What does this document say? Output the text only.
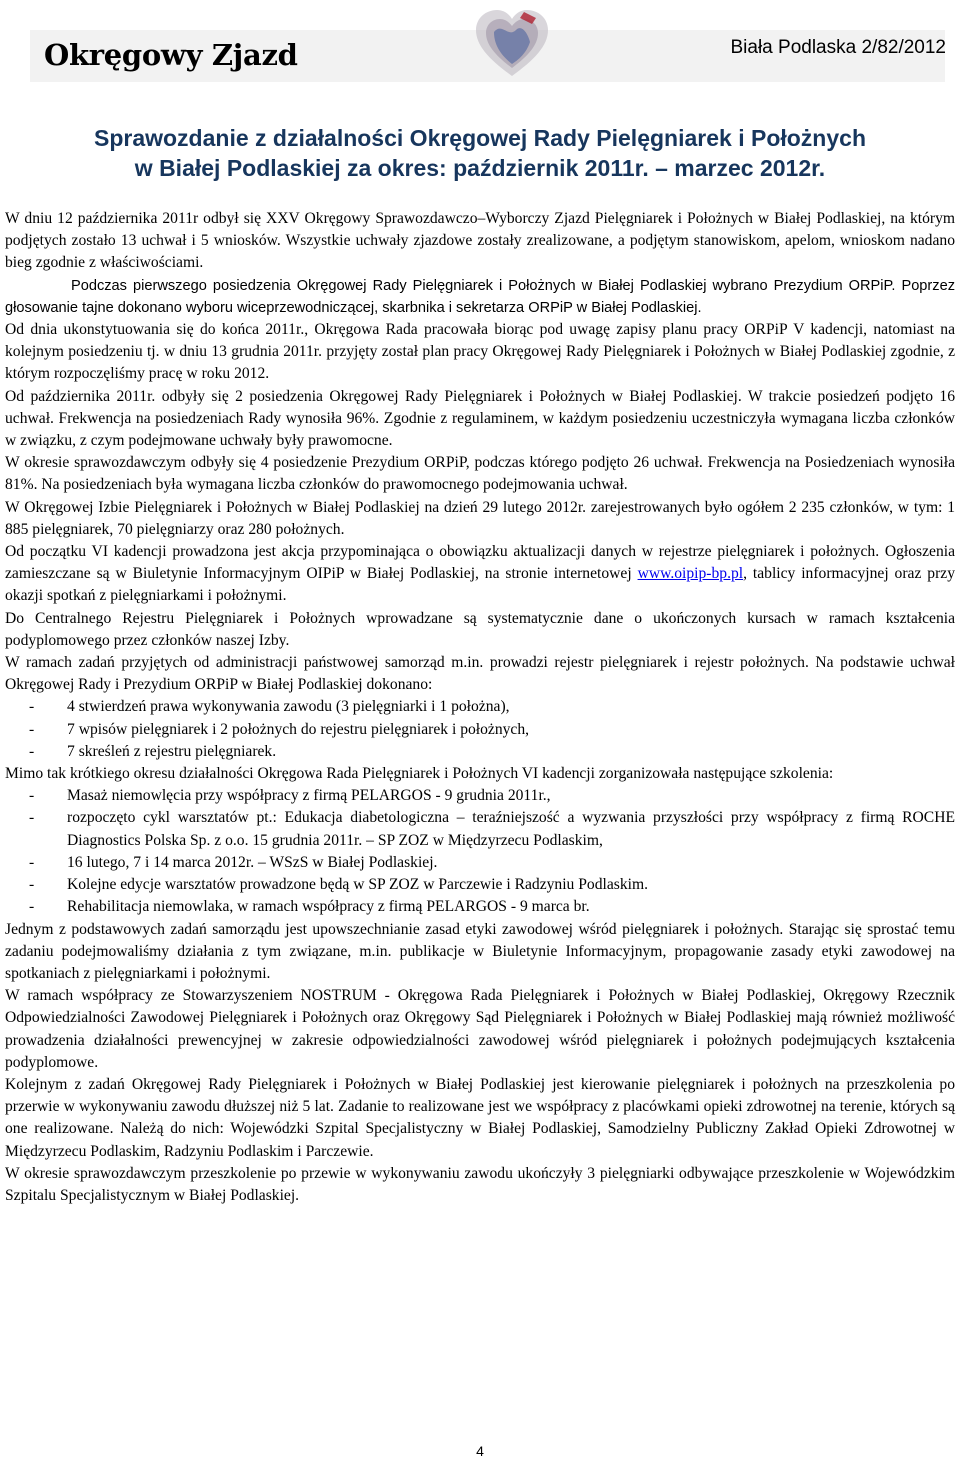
Okręgowy Zjazd	Biała Podlaska 2/82/2012
Sprawozdanie z działalności Okręgowej Rady Pielęgniarek i Położnych
w Białej Podlaskiej za okres: październik 2011r. – marzec 2012r.

W dniu 12 października 2011r odbył się XXV Okręgowy Sprawozdawczo–Wyborczy Zjazd Pielęgniarek i Położnych w Białej Podlaskiej, na którym podjętych zostało 13 uchwał i 5 wniosków. Wszystkie uchwały zjazdowe zostały zrealizowane, a podjętym stanowiskom, apelom, wnioskom nadano bieg zgodnie z właściwościami.

Podczas pierwszego posiedzenia Okręgowej Rady Pielęgniarek i Położnych w Białej Podlaskiej wybrano Prezydium ORPiP. Poprzez głosowanie tajne dokonano wyboru wiceprzewodniczącej, skarbnika i sekretarza ORPiP w Białej Podlaskiej.

Od dnia ukonstytuowania się do końca 2011r., Okręgowa Rada pracowała biorąc pod uwagę zapisy planu pracy ORPiP V kadencji, natomiast na kolejnym posiedzeniu tj. w dniu 13 grudnia 2011r. przyjęty został plan pracy Okręgowej Rady Pielęgniarek i Położnych w Białej Podlaskiej zgodnie, z którym rozpoczęliśmy pracę w roku 2012.

Od października 2011r. odbyły się 2 posiedzenia Okręgowej Rady Pielęgniarek i Położnych w Białej Podlaskiej. W trakcie posiedzeń podjęto 16 uchwał. Frekwencja na posiedzeniach Rady wynosiła 96%. Zgodnie z regulaminem, w każdym posiedzeniu uczestniczyła wymagana liczba członków w związku, z czym podejmowane uchwały były prawomocne.

W okresie sprawozdawczym odbyły się 4 posiedzenie Prezydium ORPiP, podczas którego podjęto 26 uchwał. Frekwencja na Posiedzeniach wynosiła 81%. Na posiedzeniach była wymagana liczba członków do prawomocnego podejmowania uchwał.

W Okręgowej Izbie Pielęgniarek i Położnych w Białej Podlaskiej na dzień 29 lutego 2012r. zarejestrowanych było ogółem 2 235 członków, w tym: 1 885 pielęgniarek, 70 pielęgniarzy oraz 280 położnych.

Od początku VI kadencji prowadzona jest akcja przypominająca o obowiązku aktualizacji danych w rejestrze pielęgniarek i położnych. Ogłoszenia zamieszczane są w Biuletynie Informacyjnym OIPiP w Białej Podlaskiej, na stronie internetowej www.oipip-bp.pl, tablicy informacyjnej oraz przy okazji spotkań z pielęgniarkami i położnymi.

Do Centralnego Rejestru Pielęgniarek i Położnych wprowadzane są systematycznie dane o ukończonych kursach w ramach kształcenia podyplomowego przez członków naszej Izby.

W ramach zadań przyjętych od administracji państwowej samorząd m.in. prowadzi rejestr pielęgniarek i rejestr położnych. Na podstawie uchwał Okręgowej Rady i Prezydium ORPiP w Białej Podlaskiej dokonano:

- 4 stwierdzeń prawa wykonywania zawodu (3 pielęgniarki i 1 położna),
- 7 wpisów pielęgniarek i 2 położnych do rejestru pielęgniarek i położnych,
- 7 skreśleń z rejestru pielęgniarek.

Mimo tak krótkiego okresu działalności Okręgowa Rada Pielęgniarek i Położnych VI kadencji zorganizowała następujące szkolenia:

- Masaż niemowlęcia przy współpracy z firmą PELARGOS - 9 grudnia 2011r.,
- rozpoczęto cykl warsztatów pt.: Edukacja diabetologiczna – teraźniejszość a wyzwania przyszłości przy współpracy z firmą ROCHE Diagnostics Polska Sp. z o.o. 15 grudnia 2011r. – SP ZOZ w Międzyrzecu Podlaskim,
- 16 lutego, 7 i 14 marca 2012r. – WSzS w Białej Podlaskiej.
- Kolejne edycje warsztatów prowadzone będą w SP ZOZ w Parczewie i Radzyniu Podlaskim.
- Rehabilitacja niemowlaka, w ramach współpracy z firmą PELARGOS - 9 marca br.

Jednym z podstawowych zadań samorządu jest upowszechnianie zasad etyki zawodowej wśród pielęgniarek i położnych. Starając się sprostać temu zadaniu podejmowaliśmy działania z tym związane, m.in. publikacje w Biuletynie Informacyjnym, propagowanie zasady etyki zawodowej na spotkaniach z pielęgniarkami i położnymi.

W ramach współpracy ze Stowarzyszeniem NOSTRUM - Okręgowa Rada Pielęgniarek i Położnych w Białej Podlaskiej, Okręgowy Rzecznik Odpowiedzialności Zawodowej Pielęgniarek i Położnych oraz Okręgowy Sąd Pielęgniarek i Położnych w Białej Podlaskiej mają również możliwość prowadzenia działalności prewencyjnej w zakresie odpowiedzialności zawodowej wśród pielęgniarek i położnych podejmujących kształcenia podyplomowe.

Kolejnym z zadań Okręgowej Rady Pielęgniarek i Położnych w Białej Podlaskiej jest kierowanie pielęgniarek i położnych na przeszkolenia po przerwie w wykonywaniu zawodu dłuższej niż 5 lat. Zadanie to realizowane jest we współpracy z placówkami opieki zdrowotnej na terenie, których są one realizowane. Należą do nich: Wojewódzki Szpital Specjalistyczny w Białej Podlaskiej, Samodzielny Publiczny Zakład Opieki Zdrowotnej w Międzyrzecu Podlaskim, Radzyniu Podlaskim i Parczewie.

W okresie sprawozdawczym przeszkolenie po przewie w wykonywaniu zawodu ukończyły 3 pielęgniarki odbywające przeszkolenie w Wojewódzkim Szpitalu Specjalistycznym w Białej Podlaskiej.

4
